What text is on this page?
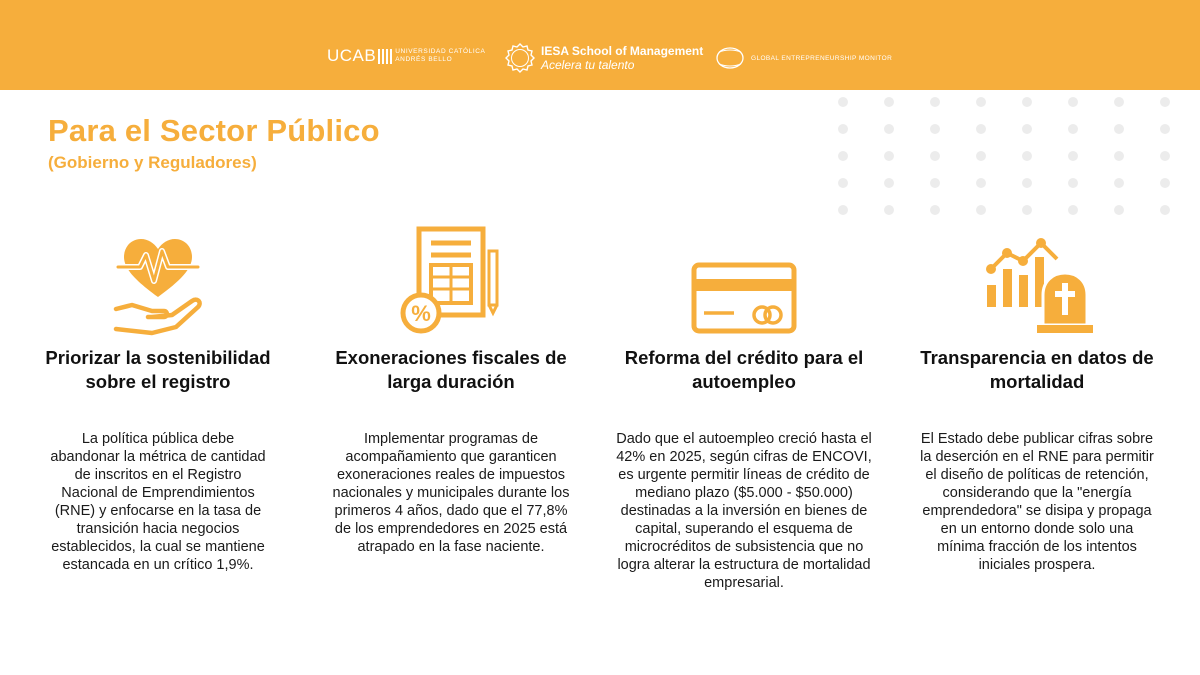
UCAB	UNIVERSIDAD CATÓLICA
ANDRÉS BELLO
IESA School of Management
Acelera tu talento	GLOBAL ENTREPRENEURSHIP MONITOR
Para el Sector Público
(Gobierno y Reguladores)
Priorizar la sostenibilidad sobre el registro
La política pública debe abandonar la métrica de cantidad de inscritos en el Registro Nacional de Emprendimientos (RNE) y enfocarse en la tasa de transición hacia negocios establecidos, la cual se mantiene estancada en un crítico 1,9%.
%
Exoneraciones fiscales de larga duración
Implementar programas de acompañamiento que garanticen exoneraciones reales de impuestos nacionales y municipales durante los primeros 4 años, dado que el 77,8% de los emprendedores en 2025 está atrapado en la fase naciente.
Reforma del crédito para el autoempleo
Dado que el autoempleo creció hasta el 42% en 2025, según cifras de ENCOVI, es urgente permitir líneas de crédito de mediano plazo ($5.000 - $50.000) destinadas a la inversión en bienes de capital, superando el esquema de microcréditos de subsistencia que no logra alterar la estructura de mortalidad empresarial.
Transparencia en datos de mortalidad
El Estado debe publicar cifras sobre la deserción en el RNE para permitir el diseño de políticas de retención, considerando que la "energía emprendedora" se disipa y propaga en un entorno donde solo una mínima fracción de los intentos iniciales prospera.
